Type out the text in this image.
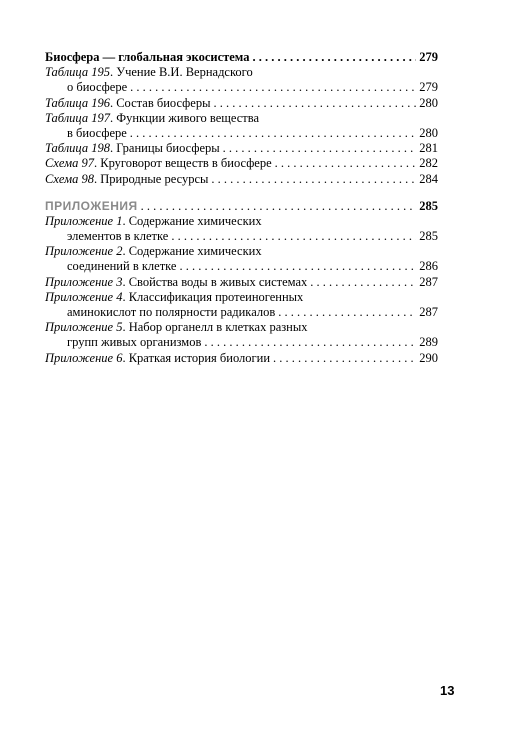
Биосфера — глобальная экосистема . . .	279
Таблица 195 . Учение В.И. Вернадского
о биосфере . . .	279
Таблица 196 . Состав биосферы . . .	280
Таблица 197 . Функции живого вещества
в биосфере . . .	280
Таблица 198 . Границы биосферы . . .	281
Схема 97 . Круговорот веществ в биосфере . . .	282
Схема 98 . Природные ресурсы . . .	284
ПРИЛОЖЕНИЯ . . .	285
Приложение 1 . Содержание химических
элементов в клетке . . .	285
Приложение 2 . Содержание химических
соединений в клетке . . .	286
Приложение 3 . Свойства воды в живых системах . . .	287
Приложение 4 . Классификация протеиногенных
аминокислот по полярности радикалов . . .	287
Приложение 5 . Набор органелл в клетках разных
групп живых организмов . . .	289
Приложение 6 . Краткая история биологии . . .	290
13
